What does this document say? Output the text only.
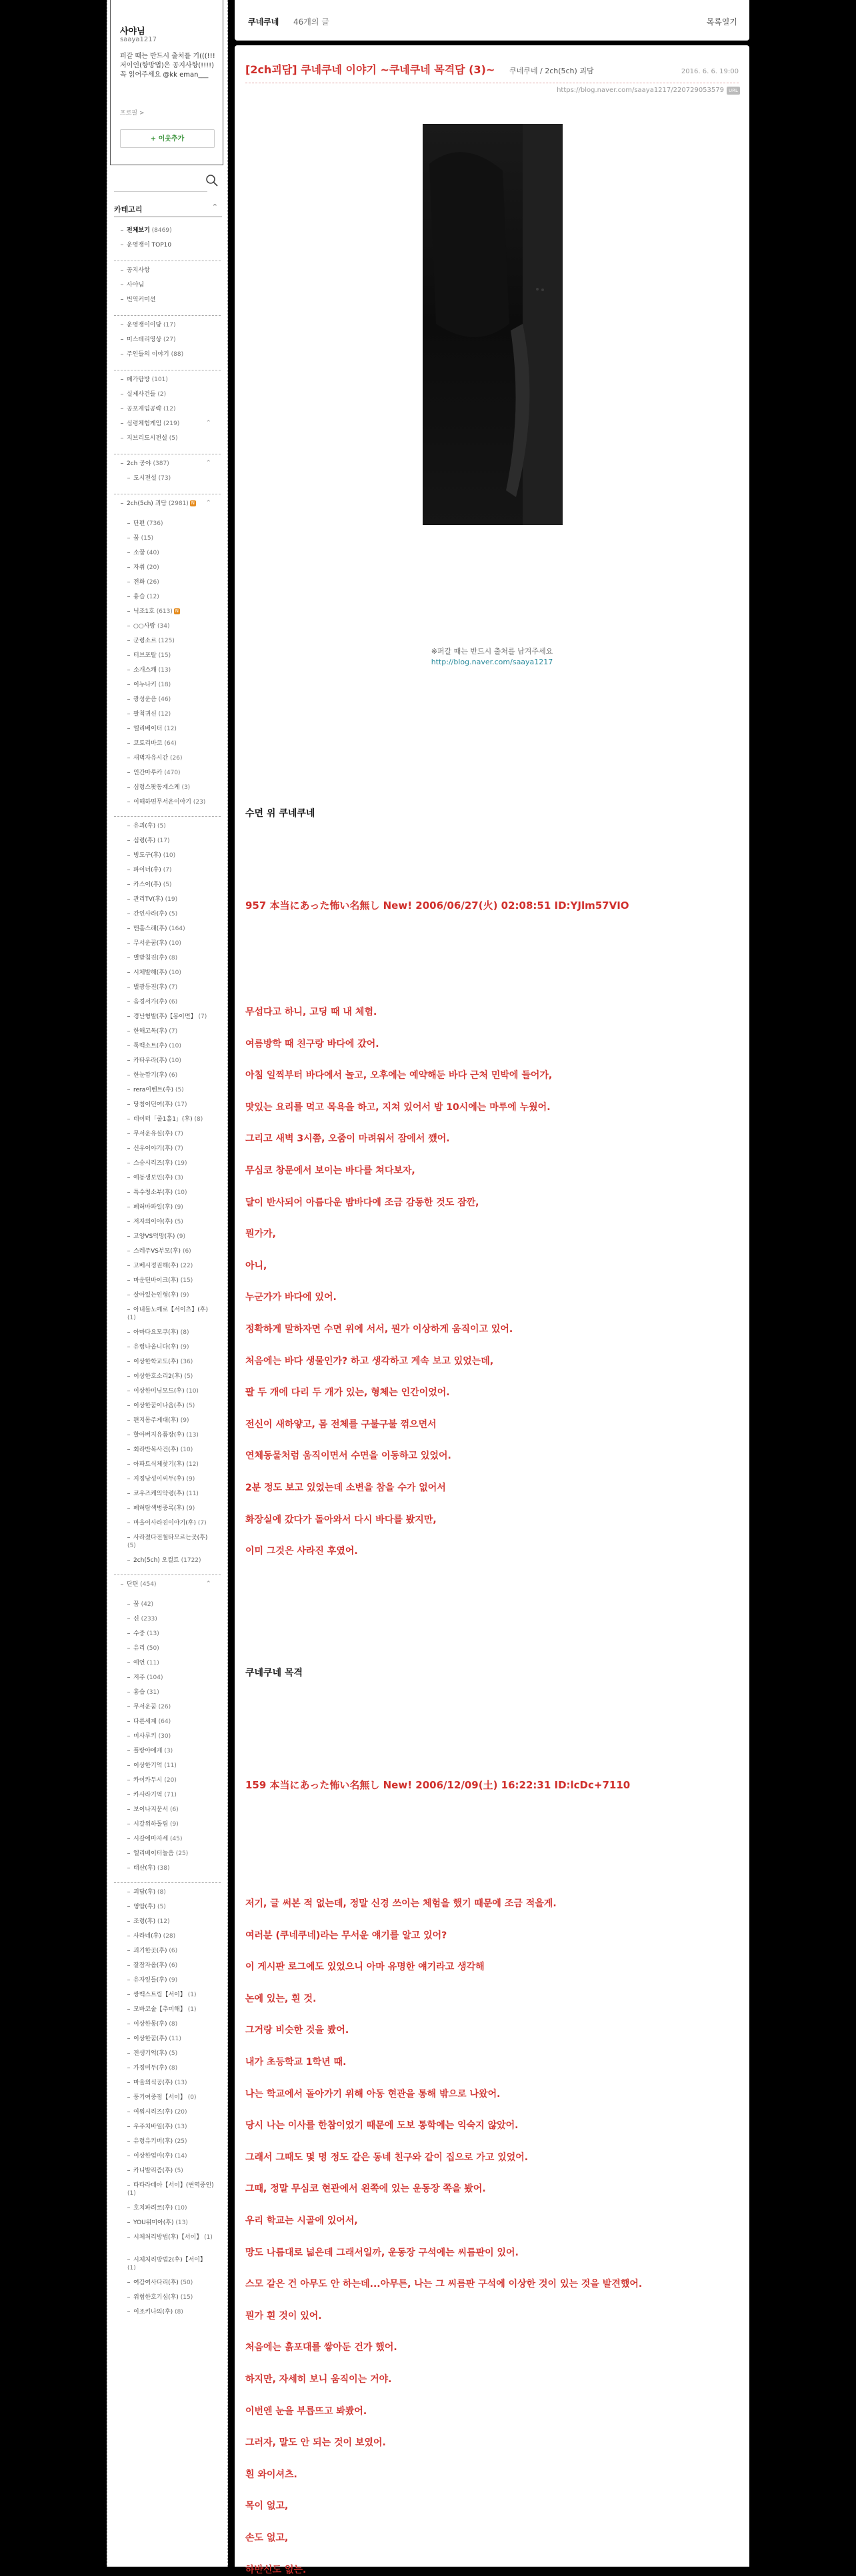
사야님
saaya1217
퍼갈 때는 반드시 출처를 기(((!!! 저이인(항방법)은 공지사항(!!!!) 꼭 읽어주세요 @kk eman___
프로필 >
+ 이웃추가
카테고리	⌃
전체보기 (8469)
운영쟁이 TOP10
공지사항
사야님
번역커미션
운영쟁이이당 (17)
미스테리영상 (27)
주인들의 이야기 (88)
폐가탐방 (101)
실제사건들 (2)
공포게임공략 (12)
심령체험게임 (219)
지브리도시전설 (5)
2ch 공야 (387)
도시전설 (73)
2ch(5ch) 괴담 (2981) N
단편 (736)
꿈 (15)
소꿉 (40)
자취 (20)
전화 (26)
흉습 (12)
닉조1호 (613) N
○○사랑 (34)
군령소르 (125)
터브포탈 (15)
소개스캐 (13)
이누나키 (18)
광성운음 (46)
팔척귀신 (12)
엘리베이터 (12)
코토리바코 (64)
새벽자유시간 (26)
인간마루카 (470)
심령스팟동계스케 (3)
이해하면무서운이야기 (23)
유괴(후) (5)
심령(후) (17)
빙도구(후) (10)
파이너(후) (7)
카스이(후) (5)
관리TV(후) (19)
간인사라(후) (5)
맨홀스래(후) (164)
무서운꿈(후) (10)
별받침진(후) (8)
시체발해(후) (10)
벌광등진(후) (7)
음경서가(후) (6)
경난형발(후)【봉이면】 (7)
한해고독(후) (7)
톡백소트(후) (10)
카타우라(후) (10)
한눈깜기(후) (6)
rera이벤트(후) (5)
당첨이던여(후) (17)
데이터「줄1홀1」(후) (8)
무서운유실(후) (7)
신우이야기(후) (7)
스승시리즈(후) (19)
예동생보인(후) (3)
특수청소부(후) (10)
폐허마파일(후) (9)
저자의이야(후) (5)
고양VS덕망(후) (9)
스레주VS부모(후) (6)
고베시정권해(후) (22)
마운틴바이크(후) (15)
살아있는인형(후) (9)
아내들노예로【서이츠】(후) (1)
아마다요모쿠(후) (8)
유령나옵니다(후) (9)
이상한학교도(후) (36)
이상한호소리2(후) (5)
이상한미닝모드(후) (10)
이상한꿈이나옵(후) (5)
편지몸주게대(후) (9)
할아버지유품장(후) (13)
회라반복사건(후) (10)
아파트식체찾기(후) (12)
지정낭성이씨두(후) (9)
코우즈케의악령(후) (11)
폐허탐색병중록(후) (9)
마을이사라진이야기(후) (7)
사라졌다전철타모르는곳(후) (5)
2ch(5ch) 오컬트 (1722)
단편 (454)
꿈 (42)
신 (233)
수중 (13)
유리 (50)
예언 (11)
저주 (104)
흉습 (31)
무서운꿈 (26)
다른세계 (64)
미사루키 (30)
플랑야에게 (3)
이상한기억 (11)
카이카두시 (20)
카사라기역 (71)
보이나지문서 (6)
시갈위하돌림 (9)
시갈에마자세 (45)
엘리베이터놀음 (25)
태산(후) (38)
괴담(후) (8)
영암(후) (5)
조령(후) (12)
사라네(후) (28)
괴기한곳(후) (6)
잘잠자옵(후) (6)
유자잎들(후) (9)
쌍백스트립【서이】 (1)
모바코술【추미해】 (1)
이상한몽(후) (8)
이상한꿈(후) (11)
전생기억(후) (5)
가정미두(후) (8)
마을외식공(후) (13)
풍기여중점【서이】 (0)
여워시리즈(후) (20)
우주치바일(후) (13)
유령유키버(후) (25)
이상한엄마(후) (14)
카니발리즘(후) (5)
타타라데아【서이】(변역중인) (1)
호치파려코(후) (10)
YOU위미아(후) (13)
시체처리방법(후)【서이】 (1)
시체처리방법2(후)【서이】 (1)
여감여사다리(후) (50)
위험한호기심(후) (15)
이조키나의(후) (8)
⌃
⌃
⌃
⌃
쿠네쿠네 46개의 글	목록열기
[2ch괴담] 쿠네쿠네 이야기 ~쿠네쿠네 목격담 (3)~ 쿠네쿠네 / 2ch(5ch) 괴담	2016. 6. 6. 19:00
https://blog.naver.com/saaya1217/220729053579	URL
※퍼갈 때는 반드시 출처를 남겨주세요
http://blog.naver.com/saaya1217
수면 위 쿠네쿠네
957 本当にあった怖い名無し New! 2006/06/27(火) 02:08:51 ID:YJlm57VIO
무섭다고 하니, 고딩 때 내 체험.
여름방학 때 친구랑 바다에 갔어.
아침 일찍부터 바다에서 놀고, 오후에는 예약해둔 바다 근처 민박에 들어가,
맛있는 요리를 먹고 목욕을 하고, 지쳐 있어서 밤 10시에는 마루에 누웠어.
그리고 새벽 3시쯤, 오줌이 마려워서 잠에서 깼어.
무심코 창문에서 보이는 바다를 쳐다보자,
달이 반사되어 아름다운 밤바다에 조금 감동한 것도 잠깐,
뭔가가,
아니,
누군가가 바다에 있어.
정확하게 말하자면 수면 위에 서서, 뭔가 이상하게 움직이고 있어.
처음에는 바다 생물인가? 하고 생각하고 계속 보고 있었는데,
팔 두 개에 다리 두 개가 있는, 형체는 인간이었어.
전신이 새하얗고, 몸 전체를 구불구불 꺾으면서
연체동물처럼 움직이면서 수면을 이동하고 있었어.
2분 정도 보고 있었는데 소변을 참을 수가 없어서
화장실에 갔다가 돌아와서 다시 바다를 봤지만,
이미 그것은 사라진 후였어.
쿠네쿠네 목격
159 本当にあった怖い名無し New! 2006/12/09(土) 16:22:31 ID:lcDc+7110
저기, 글 써본 적 없는데, 정말 신경 쓰이는 체험을 했기 때문에 조금 적을게.
여러분 (쿠네쿠네)라는 무서운 얘기를 알고 있어?
이 게시판 로그에도 있었으니 아마 유명한 얘기라고 생각해
논에 있는, 흰 것.
그거랑 비슷한 것을 봤어.
내가 초등학교 1학년 때.
나는 학교에서 돌아가기 위해 아동 현관을 통해 밖으로 나왔어.
당시 나는 이사를 한참이었기 때문에 도보 통학에는 익숙지 않았어.
그래서 그때도 몇 명 정도 같은 동네 친구와 같이 집으로 가고 있었어.
그때, 정말 무심코 현관에서 왼쪽에 있는 운동장 쪽을 봤어.
우리 학교는 시골에 있어서,
망도 나름대로 넓은데 그래서일까, 운동장 구석에는 씨름판이 있어.
스모 같은 건 아무도 안 하는데...아무튼, 나는 그 씨름판 구석에 이상한 것이 있는 것을 발견했어.
뭔가 흰 것이 있어.
처음에는 흙포대를 쌓아둔 건가 했어.
하지만, 자세히 보니 움직이는 거야.
이번엔 눈을 부릅뜨고 봐봤어.
그러자, 말도 안 되는 것이 보였어.
흰 와이셔츠.
목이 없고,
손도 없고,
하반신도 없는.
